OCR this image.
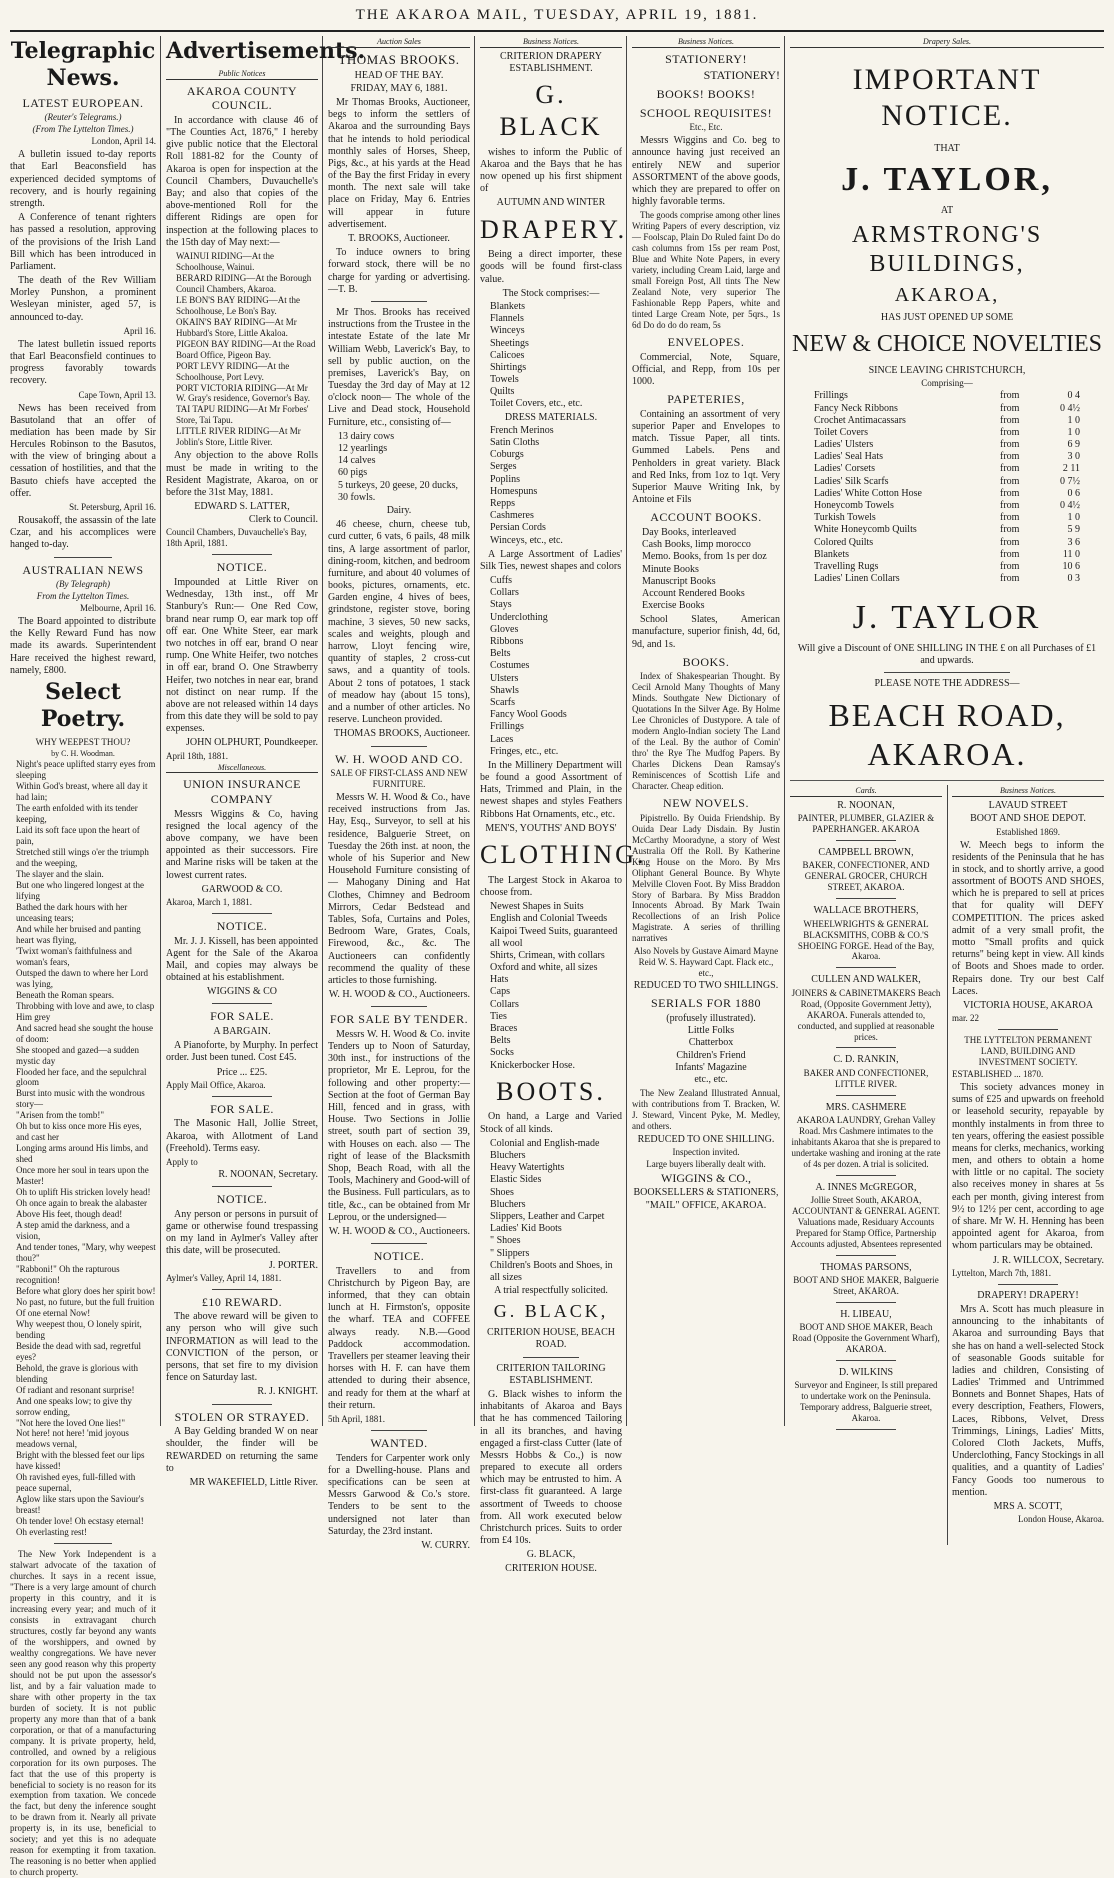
THE AKAROA MAIL, TUESDAY, APRIL 19, 1881.
Telegraphic News.
LATEST EUROPEAN.
(Reuter's Telegrams.)
(From The Lyttelton Times.)
London, April 14.
A bulletin issued to-day reports that Earl Beaconsfield has experienced decided symptoms of recovery, and is hourly regaining strength.
A Conference of tenant righters has passed a resolution, approving of the provisions of the Irish Land Bill which has been introduced in Parliament.
The death of the Rev William Morley Punshon, a prominent Wesleyan minister, aged 57, is announced to-day.
April 16.
The latest bulletin issued reports that Earl Beaconsfield continues to progress favorably towards recovery.
Cape Town, April 13.
News has been received from Basutoland that an offer of mediation has been made by Sir Hercules Robinson to the Basutos, with the view of bringing about a cessation of hostilities, and that the Basuto chiefs have accepted the offer.
St. Petersburg, April 16.
Rousakoff, the assassin of the late Czar, and his accomplices were hanged to-day.
AUSTRALIAN NEWS
(By Telegraph)
From the Lyttelton Times.
Melbourne, April 16.
The Board appointed to distribute the Kelly Reward Fund has now made its awards. Superintendent Hare received the highest reward, namely, £800.
Select Poetry.
WHY WEEPEST THOU?
by C. H. Woodman.
Night's peace uplifted starry eyes from sleeping
Within God's breast, where all day it had lain;
The earth enfolded with its tender keeping,
Laid its soft face upon the heart of pain,
Stretched still wings o'er the triumph and the weeping,
The slayer and the slain.
But one who lingered longest at the lifying
Bathed the dark hours with her unceasing tears;
And while her bruised and panting heart was flying,
'Twixt woman's faithfulness and woman's fears,
Outsped the dawn to where her Lord was lying,
Beneath the Roman spears.
Throbbing with love and awe, to clasp Him grey
And sacred head she sought the house of doom:
She stooped and gazed—a sudden mystic day
Flooded her face, and the sepulchral gloom
Burst into music with the wondrous story—
"Arisen from the tomb!"
Oh but to kiss once more His eyes, and cast her
Longing arms around His limbs, and shed
Once more her soul in tears upon the Master!
Oh to uplift His stricken lovely head!
Oh once again to break the alabaster
Above His feet, though dead!
A step amid the darkness, and a vision,
And tender tones, "Mary, why weepest thou?"
"Rabboni!" Oh the rapturous recognition!
Before what glory does her spirit bow!
No past, no future, but the full fruition
Of one eternal Now!
Why weepest thou, O lonely spirit, bending
Beside the dead with sad, regretful eyes?
Behold, the grave is glorious with blending
Of radiant and resonant surprise!
And one speaks low; to give thy sorrow ending,
"Not here the loved One lies!"
Not here! not here! 'mid joyous meadows vernal,
Bright with the blessed feet our lips have kissed!
Oh ravished eyes, full-filled with peace supernal,
Aglow like stars upon the Saviour's breast!
Oh tender love! Oh ecstasy eternal!
Oh everlasting rest!
The New York Independent is a stalwart advocate of the taxation of churches. It says in a recent issue, "There is a very large amount of church property in this country, and it is increasing every year; and much of it consists in extravagant church structures, costly far beyond any wants of the worshippers, and owned by wealthy congregations. We have never seen any good reason why this property should not be put upon the assessor's list, and by a fair valuation made to share with other property in the tax burden of society. It is not public property any more than that of a bank corporation, or that of a manufacturing company. It is private property, held, controlled, and owned by a religious corporation for its own purposes. The fact that the use of this property is beneficial to society is no reason for its exemption from taxation. We concede the fact, but deny the inference sought to be drawn from it. Nearly all private property is, in its use, beneficial to society; and yet this is no adequate reason for exempting it from taxation. The reasoning is no better when applied to church property.
Advertisements.
Public Notices
AKAROA COUNTY COUNCIL.
In accordance with clause 46 of "The Counties Act, 1876," I hereby give public notice that the Electoral Roll 1881-82 for the County of Akaroa is open for inspection at the Council Chambers, Duvauchelle's Bay; and also that copies of the above-mentioned Roll for the different Ridings are open for inspection at the following places to the 15th day of May next:—
WAINUI RIDING—At the Schoolhouse, Wainui.
BERARD RIDING—At the Borough Council Chambers, Akaroa.
LE BON'S BAY RIDING—At the Schoolhouse, Le Bon's Bay.
OKAIN'S BAY RIDING—At Mr Hubbard's Store, Little Akaloa.
PIGEON BAY RIDING—At the Road Board Office, Pigeon Bay.
PORT LEVY RIDING—At the Schoolhouse, Port Levy.
PORT VICTORIA RIDING—At Mr W. Gray's residence, Governor's Bay.
TAI TAPU RIDING—At Mr Forbes' Store, Tai Tapu.
LITTLE RIVER RIDING—At Mr Joblin's Store, Little River.
Any objection to the above Rolls must be made in writing to the Resident Magistrate, Akaroa, on or before the 31st May, 1881.
EDWARD S. LATTER,
Clerk to Council.
Council Chambers, Duvauchelle's Bay, 18th April, 1881.
NOTICE.
Impounded at Little River on Wednesday, 13th inst., off Mr Stanbury's Run:— One Red Cow, brand near rump O, ear mark top off off ear. One White Steer, ear mark two notches in off ear, brand O near rump. One White Heifer, two notches in off ear, brand O. One Strawberry Heifer, two notches in near ear, brand not distinct on near rump. If the above are not released within 14 days from this date they will be sold to pay expenses.
JOHN OLPHURT, Poundkeeper.
April 18th, 1881.
Miscellaneous.
UNION INSURANCE COMPANY
Messrs Wiggins & Co, having resigned the local agency of the above company, we have been appointed as their successors. Fire and Marine risks will be taken at the lowest current rates.
GARWOOD & CO.
Akaroa, March 1, 1881.
NOTICE.
Mr. J. J. Kissell, has been appointed Agent for the Sale of the Akaroa Mail, and copies may always be obtained at his establishment.
WIGGINS & CO
FOR SALE.
A BARGAIN.
A Pianoforte, by Murphy. In perfect order. Just been tuned. Cost £45.
Price ... £25.
Apply Mail Office, Akaroa.
FOR SALE.
The Masonic Hall, Jollie Street, Akaroa, with Allotment of Land (Freehold). Terms easy.
Apply to
R. NOONAN, Secretary.
NOTICE.
Any person or persons in pursuit of game or otherwise found trespassing on my land in Aylmer's Valley after this date, will be prosecuted.
J. PORTER.
Aylmer's Valley, April 14, 1881.
£10 REWARD.
The above reward will be given to any person who will give such INFORMATION as will lead to the CONVICTION of the person, or persons, that set fire to my division fence on Saturday last.
R. J. KNIGHT.
STOLEN OR STRAYED.
A Bay Gelding branded W on near shoulder, the finder will be REWARDED on returning the same to
MR WAKEFIELD, Little River.
Auction Sales
THOMAS BROOKS.
HEAD OF THE BAY.
FRIDAY, MAY 6, 1881.
Mr Thomas Brooks, Auctioneer, begs to inform the settlers of Akaroa and the surrounding Bays that he intends to hold periodical monthly sales of Horses, Sheep, Pigs, &c., at his yards at the Head of the Bay the first Friday in every month. The next sale will take place on Friday, May 6. Entries will appear in future advertisement.
T. BROOKS, Auctioneer.
To induce owners to bring forward stock, there will be no charge for yarding or advertising.—T. B.
Mr Thos. Brooks has received instructions from the Trustee in the intestate Estate of the late Mr William Webb, Laverick's Bay, to sell by public auction, on the premises, Laverick's Bay, on Tuesday the 3rd day of May at 12 o'clock noon— The whole of the Live and Dead stock, Household Furniture, etc., consisting of—
13 dairy cows
12 yearlings
14 calves
60 pigs
5 turkeys, 20 geese, 20 ducks, 30 fowls.
Dairy.
46 cheese, churn, cheese tub, curd cutter, 6 vats, 6 pails, 48 milk tins, A large assortment of parlor, dining-room, kitchen, and bedroom furniture, and about 40 volumes of books, pictures, ornaments, etc. Garden engine, 4 hives of bees, grindstone, register stove, boring machine, 3 sieves, 50 new sacks, scales and weights, plough and harrow, Lloyt fencing wire, quantity of staples, 2 cross-cut saws, and a quantity of tools. About 2 tons of potatoes, 1 stack of meadow hay (about 15 tons), and a number of other articles. No reserve. Luncheon provided.
THOMAS BROOKS, Auctioneer.
W. H. WOOD AND CO.
SALE OF FIRST-CLASS AND NEW FURNITURE.
Messrs W. H. Wood & Co., have received instructions from Jas. Hay, Esq., Surveyor, to sell at his residence, Balguerie Street, on Tuesday the 26th inst. at noon, the whole of his Superior and New Household Furniture consisting of— Mahogany Dining and Hat Clothes, Chimney and Bedroom Mirrors, Cedar Bedstead and Tables, Sofa, Curtains and Poles, Bedroom Ware, Grates, Coals, Firewood, &c., &c. The Auctioneers can confidently recommend the quality of these articles to those furnishing.
W. H. WOOD & CO., Auctioneers.
FOR SALE BY TENDER.
Messrs W. H. Wood & Co. invite Tenders up to Noon of Saturday, 30th inst., for instructions of the proprietor, Mr E. Leprou, for the following and other property:— Section at the foot of German Bay Hill, fenced and in grass, with House. Two Sections in Jollie street, south part of section 39, with Houses on each. also — The right of lease of the Blacksmith Shop, Beach Road, with all the Tools, Machinery and Good-will of the Business. Full particulars, as to title, &c., can be obtained from Mr Leprou, or the undersigned—
W. H. WOOD & CO., Auctioneers.
NOTICE.
Travellers to and from Christchurch by Pigeon Bay, are informed, that they can obtain lunch at H. Firmston's, opposite the wharf. TEA and COFFEE always ready. N.B.—Good Paddock accommodation. Travellers per steamer leaving their horses with H. F. can have them attended to during their absence, and ready for them at the wharf at their return.
5th April, 1881.
WANTED.
Tenders for Carpenter work only for a Dwelling-house. Plans and specifications can be seen at Messrs Garwood & Co.'s store. Tenders to be sent to the undersigned not later than Saturday, the 23rd instant.
W. CURRY.
Business Notices.
CRITERION DRAPERY ESTABLISHMENT.
G. BLACK
wishes to inform the Public of Akaroa and the Bays that he has now opened up his first shipment of
AUTUMN AND WINTER
DRAPERY.
Being a direct importer, these goods will be found first-class value.
The Stock comprises:—
Blankets
Flannels
Winceys
Sheetings
Calicoes
Shirtings
Towels
Quilts
Toilet Covers, etc., etc.
DRESS MATERIALS.
French Merinos
Satin Cloths
Coburgs
Serges
Poplins
Homespuns
Repps
Cashmeres
Persian Cords
Winceys, etc., etc.
A Large Assortment of Ladies' Silk Ties, newest shapes and colors
Cuffs
Collars
Stays
Underclothing
Gloves
Ribbons
Belts
Costumes
Ulsters
Shawls
Scarfs
Fancy Wool Goods
Frillings
Laces
Fringes, etc., etc.
In the Millinery Department will be found a good Assortment of Hats, Trimmed and Plain, in the newest shapes and styles Feathers Ribbons Hat Ornaments, etc., etc.
MEN'S, YOUTHS' AND BOYS'
CLOTHING.
The Largest Stock in Akaroa to choose from.
Newest Shapes in Suits
English and Colonial Tweeds
Kaipoi Tweed Suits, guaranteed all wool
Shirts, Crimean, with collars
Oxford and white, all sizes
Hats
Caps
Collars
Ties
Braces
Belts
Socks
Knickerbocker Hose.
BOOTS.
On hand, a Large and Varied Stock of all kinds.
Colonial and English-made Bluchers
Heavy Watertights
Elastic Sides
Shoes
Bluchers
Slippers, Leather and Carpet
Ladies' Kid Boots
" Shoes
" Slippers
Children's Boots and Shoes, in all sizes
A trial respectfully solicited.
G. BLACK,
CRITERION HOUSE, BEACH ROAD.
CRITERION TAILORING ESTABLISHMENT.
G. Black wishes to inform the inhabitants of Akaroa and Bays that he has commenced Tailoring in all its branches, and having engaged a first-class Cutter (late of Messrs Hobbs & Co.,) is now prepared to execute all orders which may be entrusted to him. A first-class fit guaranteed. A large assortment of Tweeds to choose from. All work executed below Christchurch prices. Suits to order from £4 10s.
G. BLACK,
CRITERION HOUSE.
Business Notices.
STATIONERY!
STATIONERY!
BOOKS! BOOKS!
SCHOOL REQUISITES!
Etc., Etc.
Messrs Wiggins and Co. beg to announce having just received an entirely NEW and superior ASSORTMENT of the above goods, which they are prepared to offer on highly favorable terms.
The goods comprise among other lines Writing Papers of every description, viz— Foolscap, Plain Do Ruled faint Do do cash columns from 15s per ream Post, Blue and White Note Papers, in every variety, including Cream Laid, large and small Foreign Post, All tints The New Zealand Note, very superior The Fashionable Repp Papers, white and tinted Large Cream Note, per 5qrs., 1s 6d Do do do do ream, 5s
ENVELOPES.
Commercial, Note, Square, Official, and Repp, from 10s per 1000.
PAPETERIES,
Containing an assortment of very superior Paper and Envelopes to match. Tissue Paper, all tints. Gummed Labels. Pens and Penholders in great variety. Black and Red Inks, from 1oz to 1qt. Very Superior Mauve Writing Ink, by Antoine et Fils
ACCOUNT BOOKS.
Day Books, interleaved
Cash Books, limp morocco
Memo. Books, from 1s per doz
Minute Books
Manuscript Books
Account Rendered Books
Exercise Books
School Slates, American manufacture, superior finish, 4d, 6d, 9d, and 1s.
BOOKS.
Index of Shakespearian Thought. By Cecil Arnold Many Thoughts of Many Minds. Southgate New Dictionary of Quotations In the Silver Age. By Holme Lee Chronicles of Dustypore. A tale of modern Anglo-Indian society The Land of the Leal. By the author of Comin' thro' the Rye The Mudfog Papers. By Charles Dickens Dean Ramsay's Reminiscences of Scottish Life and Character. Cheap edition.
NEW NOVELS.
Pipistrello. By Ouida Friendship. By Ouida Dear Lady Disdain. By Justin McCarthy Mooradyne, a story of West Australia Off the Roll. By Katherine King House on the Moro. By Mrs Oliphant General Bounce. By Whyte Melville Cloven Foot. By Miss Braddon Story of Barbara. By Miss Braddon Innocents Abroad. By Mark Twain Recollections of an Irish Police Magistrate. A series of thrilling narratives
Also Novels by Gustave Aimard Mayne Reid W. S. Hayward Capt. Flack etc., etc.,
REDUCED TO TWO SHILLINGS.
SERIALS FOR 1880
(profusely illustrated).
Little Folks
Chatterbox
Children's Friend
Infants' Magazine
etc., etc.
The New Zealand Illustrated Annual, with contributions from T. Bracken, W. J. Steward, Vincent Pyke, M. Medley, and others.
REDUCED TO ONE SHILLING.
Inspection invited.
Large buyers liberally dealt with.
WIGGINS & CO.,
BOOKSELLERS & STATIONERS,
"MAIL" OFFICE, AKAROA.
Drapery Sales.
IMPORTANT NOTICE.
THAT
J. TAYLOR,
AT
ARMSTRONG'S BUILDINGS,
AKAROA,
HAS JUST OPENED UP SOME
NEW & CHOICE NOVELTIES
SINCE LEAVING CHRISTCHURCH,
Comprising—
Frillings	from	0 4
Fancy Neck Ribbons	from	0 4½
Crochet Antimacassars	from	1 0
Toilet Covers	from	1 0
Ladies' Ulsters	from	6 9
Ladies' Seal Hats	from	3 0
Ladies' Corsets	from	2 11
Ladies' Silk Scarfs	from	0 7½
Ladies' White Cotton Hose	from	0 6
Honeycomb Towels	from	0 4½
Turkish Towels	from	1 0
White Honeycomb Quilts	from	5 9
Colored Quilts	from	3 6
Blankets	from	11 0
Travelling Rugs	from	10 6
Ladies' Linen Collars	from	0 3
J. TAYLOR
Will give a Discount of ONE SHILLING IN THE £ on all Purchases of £1 and upwards.
PLEASE NOTE THE ADDRESS—
BEACH ROAD, AKAROA.
Cards.
R. NOONAN,
PAINTER, PLUMBER, GLAZIER & PAPERHANGER. AKAROA
CAMPBELL BROWN,
BAKER, CONFECTIONER, AND GENERAL GROCER, CHURCH STREET, AKAROA.
WALLACE BROTHERS,
WHEELWRIGHTS & GENERAL BLACKSMITHS, COBB & CO.'S SHOEING FORGE. Head of the Bay, Akaroa.
CULLEN AND WALKER,
JOINERS & CABINETMAKERS Beach Road, (Opposite Government Jetty), AKAROA. Funerals attended to, conducted, and supplied at reasonable prices.
C. D. RANKIN,
BAKER AND CONFECTIONER, LITTLE RIVER.
MRS. CASHMERE
AKAROA LAUNDRY, Grehan Valley Road. Mrs Cashmere intimates to the inhabitants Akaroa that she is prepared to undertake washing and ironing at the rate of 4s per dozen. A trial is solicited.
A. INNES McGREGOR,
Jollie Street South, AKAROA, ACCOUNTANT & GENERAL AGENT. Valuations made, Residuary Accounts Prepared for Stamp Office, Partnership Accounts adjusted, Absentees represented
THOMAS PARSONS,
BOOT AND SHOE MAKER, Balguerie Street, AKAROA.
H. LIBEAU,
BOOT AND SHOE MAKER, Beach Road (Opposite the Government Wharf), AKAROA.
D. WILKINS
Surveyor and Engineer, Is still prepared to undertake work on the Peninsula. Temporary address, Balguerie street, Akaroa.
Business Notices.
LAVAUD STREET
BOOT AND SHOE DEPOT.
Established 1869.
W. Meech begs to inform the residents of the Peninsula that he has in stock, and to shortly arrive, a good assortment of BOOTS AND SHOES, which he is prepared to sell at prices that for quality will DEFY COMPETITION. The prices asked admit of a very small profit, the motto "Small profits and quick returns" being kept in view. All kinds of Boots and Shoes made to order. Repairs done. Try our best Calf Laces.
VICTORIA HOUSE, AKAROA
mar. 22
THE LYTTELTON PERMANENT LAND, BUILDING AND INVESTMENT SOCIETY.
ESTABLISHED ... 1870.
This society advances money in sums of £25 and upwards on freehold or leasehold security, repayable by monthly instalments in from three to ten years, offering the easiest possible means for clerks, mechanics, working men, and others to obtain a home with little or no capital. The society also receives money in shares at 5s each per month, giving interest from 9½ to 12½ per cent, according to age of share. Mr W. H. Henning has been appointed agent for Akaroa, from whom particulars may be obtained.
J. R. WILLCOX, Secretary.
Lyttelton, March 7th, 1881.
DRAPERY! DRAPERY!
Mrs A. Scott has much pleasure in announcing to the inhabitants of Akaroa and surrounding Bays that she has on hand a well-selected Stock of seasonable Goods suitable for ladies and children, Consisting of Ladies' Trimmed and Untrimmed Bonnets and Bonnet Shapes, Hats of every description, Feathers, Flowers, Laces, Ribbons, Velvet, Dress Trimmings, Linings, Ladies' Mitts, Colored Cloth Jackets, Muffs, Underclothing, Fancy Stockings in all qualities, and a quantity of Ladies' Fancy Goods too numerous to mention.
MRS A. SCOTT,
London House, Akaroa.
